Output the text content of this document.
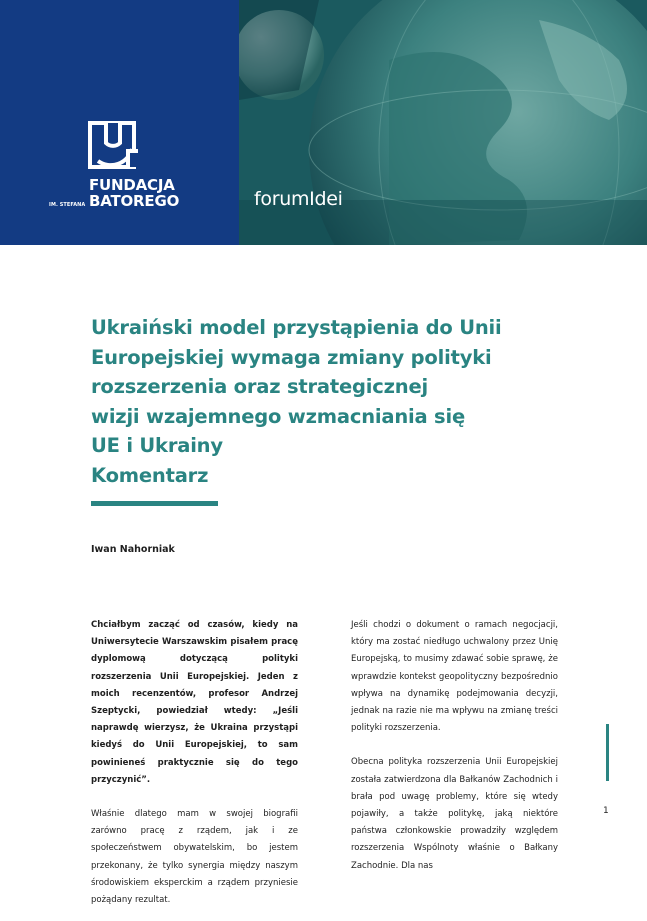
FUNDACJA
IM. STEFANA BATOREGO	forumIdei
Ukraiński model przystąpienia do Unii
Europejskiej wymaga zmiany polityki
rozszerzenia oraz strategicznej
wizji wzajemnego wzmacniania się
UE i Ukrainy
Komentarz
Iwan Nahorniak

Chciałbym zacząć od czasów, kiedy na Uniwersytecie Warszawskim pisałem pracę dyplomową dotyczącą polityki rozszerzenia Unii Europejskiej. Jeden z moich recenzentów, profesor Andrzej Szeptycki, powiedział wtedy: „Jeśli naprawdę wierzysz, że Ukraina przystąpi kiedyś do Unii Europejskiej, to sam powinieneś praktycznie się do tego przyczynić”.

Właśnie dlatego mam w swojej biografii zarówno pracę z rządem, jak i ze społeczeństwem obywatelskim, bo jestem przekonany, że tylko synergia między naszym środowiskiem eksperckim a rządem przyniesie pożądany rezultat.

Jeśli chodzi o dokument o ramach negocjacji, który ma zostać niedługo uchwalony przez Unię Europejską, to musimy zdawać sobie sprawę, że wprawdzie kontekst geopolityczny bezpośrednio wpływa na dynamikę podejmowania decyzji, jednak na razie nie ma wpływu na zmianę treści polityki rozszerzenia.

Obecna polityka rozszerzenia Unii Europejskiej została zatwierdzona dla Bałkanów Zachodnich i brała pod uwagę problemy, które się wtedy pojawiły, a także politykę, jaką niektóre państwa członkowskie prowadziły względem rozszerzenia Wspólnoty właśnie o Bałkany Zachodnie. Dla nas

1
